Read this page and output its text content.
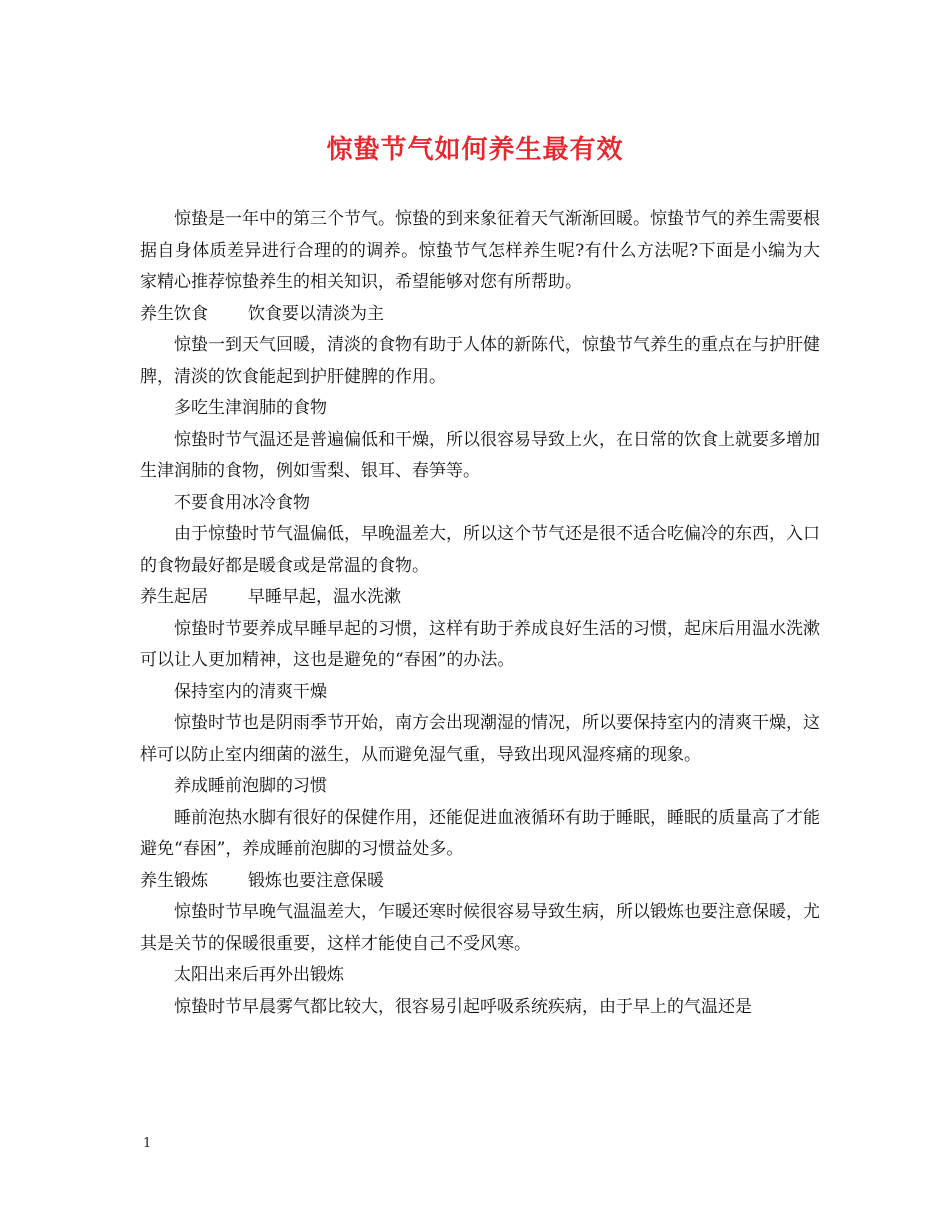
惊蛰节气如何养生最有效

惊蛰是一年中的第三个节气。惊蛰的到来象征着天气渐渐回暖。惊蛰节气的养生需要根据自身体质差异进行合理的的调养。惊蛰节气怎样养生呢?有什么方法呢?下面是小编为大家精心推荐惊蛰养生的相关知识，希望能够对您有所帮助。

养生饮食 饮食要以清淡为主

惊蛰一到天气回暖，清淡的食物有助于人体的新陈代，惊蛰节气养生的重点在与护肝健脾，清淡的饮食能起到护肝健脾的作用。

多吃生津润肺的食物

惊蛰时节气温还是普遍偏低和干燥，所以很容易导致上火，在日常的饮食上就要多增加生津润肺的食物，例如雪梨、银耳、春笋等。

不要食用冰冷食物

由于惊蛰时节气温偏低，早晚温差大，所以这个节气还是很不适合吃偏冷的东西，入口的食物最好都是暖食或是常温的食物。

养生起居 早睡早起，温水洗漱

惊蛰时节要养成早睡早起的习惯，这样有助于养成良好生活的习惯，起床后用温水洗漱可以让人更加精神，这也是避免的“春困”的办法。

保持室内的清爽干燥

惊蛰时节也是阴雨季节开始，南方会出现潮湿的情况，所以要保持室内的清爽干燥，这样可以防止室内细菌的滋生，从而避免湿气重，导致出现风湿疼痛的现象。

养成睡前泡脚的习惯

睡前泡热水脚有很好的保健作用，还能促进血液循环有助于睡眠，睡眠的质量高了才能避免“春困”，养成睡前泡脚的习惯益处多。

养生锻炼 锻炼也要注意保暖

惊蛰时节早晚气温温差大，乍暖还寒时候很容易导致生病，所以锻炼也要注意保暖，尤其是关节的保暖很重要，这样才能使自己不受风寒。

太阳出来后再外出锻炼

惊蛰时节早晨雾气都比较大，很容易引起呼吸系统疾病，由于早上的气温还是

1
